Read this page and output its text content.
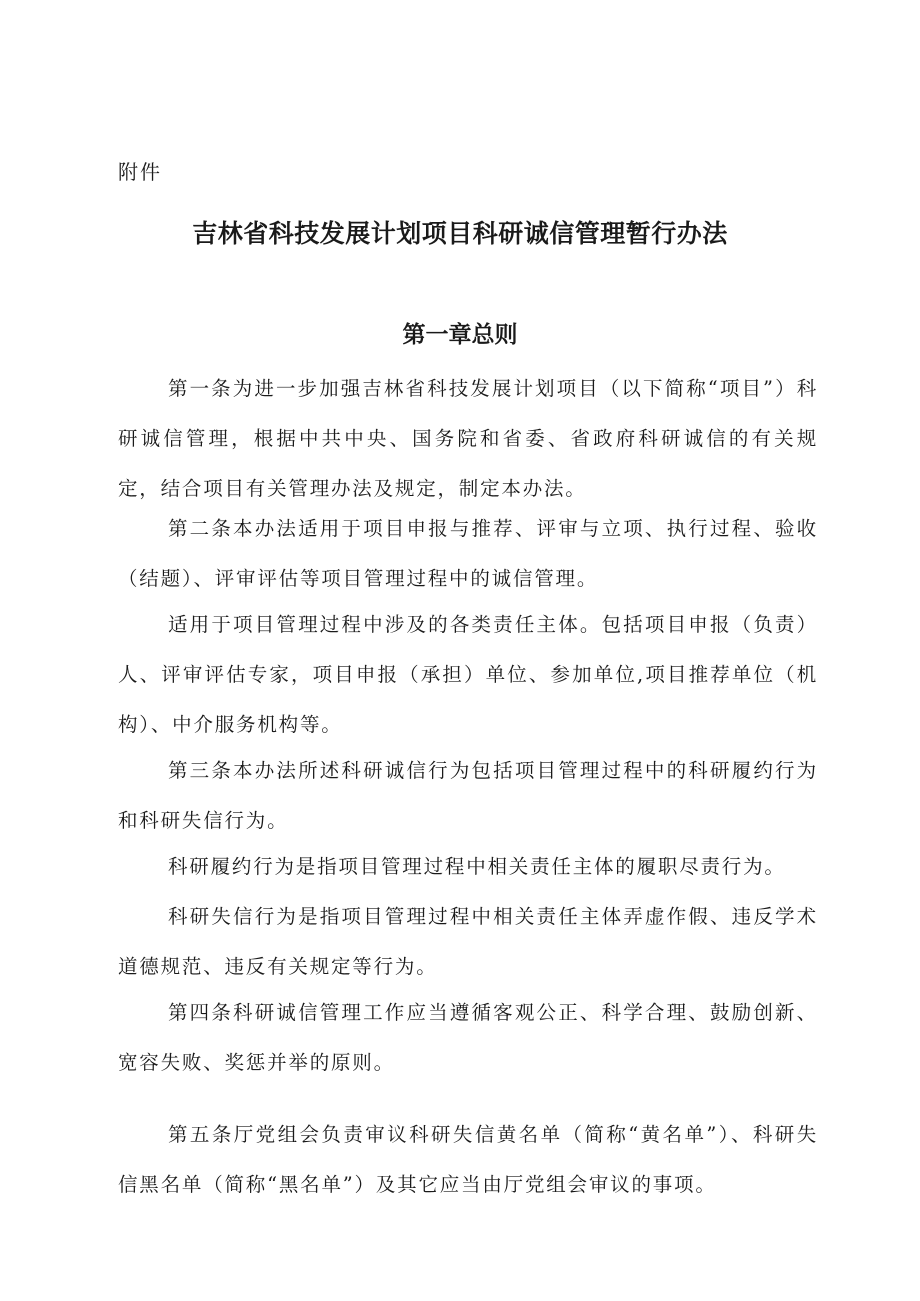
附件
吉林省科技发展计划项目科研诚信管理暂行办法
第一章总则

第一条为进一步加强吉林省科技发展计划项目（以下简称“项目”）科研诚信管理，根据中共中央、国务院和省委、省政府科研诚信的有关规定，结合项目有关管理办法及规定，制定本办法。

第二条本办法适用于项目申报与推荐、评审与立项、执行过程、验收（结题）、评审评估等项目管理过程中的诚信管理。

适用于项目管理过程中涉及的各类责任主体。包括项目申报（负责）人、评审评估专家，项目申报（承担）单位、参加单位,项目推荐单位（机构）、中介服务机构等。

第三条本办法所述科研诚信行为包括项目管理过程中的科研履约行为和科研失信行为。

科研履约行为是指项目管理过程中相关责任主体的履职尽责行为。

科研失信行为是指项目管理过程中相关责任主体弄虚作假、违反学术道德规范、违反有关规定等行为。

第四条科研诚信管理工作应当遵循客观公正、科学合理、鼓励创新、宽容失败、奖惩并举的原则。

第五条厅党组会负责审议科研失信黄名单（简称“黄名单”）、科研失信黑名单（简称“黑名单”）及其它应当由厅党组会审议的事项。
